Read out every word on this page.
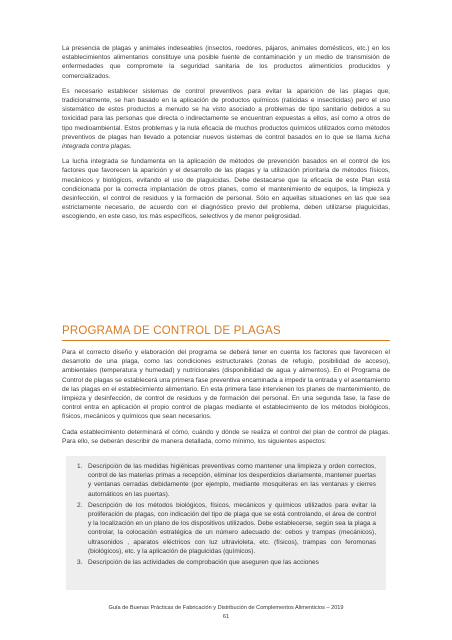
La presencia de plagas y animales indeseables (insectos, roedores, pájaros, animales domésticos, etc.) en los establecimientos alimentarios constituye una posible fuente de contaminación y un medio de transmisión de enfermedades que compromete la seguridad sanitaria de los productos alimenticios producidos y comercializados.

Es necesario establecer sistemas de control preventivos para evitar la aparición de las plagas que, tradicionalmente, se han basado en la aplicación de productos químicos (raticidas e insecticidas) pero el uso sistemático de estos productos a menudo se ha visto asociado a problemas de tipo sanitario debidos a su toxicidad para las personas que directa o indirectamente se encuentran expuestas a ellos, así como a otros de tipo medioambiental. Estos problemas y la nula eficacia de muchos productos químicos utilizados como métodos preventivos de plagas han llevado a potenciar nuevos sistemas de control basados en lo que se llama lucha integrada contra plagas.

La lucha integrada se fundamenta en la aplicación de métodos de prevención basados en el control de los factores que favorecen la aparición y el desarrollo de las plagas y la utilización prioritaria de métodos físicos, mecánicos y biológicos, evitando el uso de plaguicidas. Debe destacarse que la eficacia de este Plan está condicionada por la correcta implantación de otros planes, como el mantenimiento de equipos, la limpieza y desinfección, el control de residuos y la formación de personal. Sólo en aquellas situaciones en las que sea estrictamente necesario, de acuerdo con el diagnóstico previo del problema, deben utilizarse plaguicidas, escogiendo, en este caso, los más específicos, selectivos y de menor peligrosidad.

PROGRAMA DE CONTROL DE PLAGAS

Para el correcto diseño y elaboración del programa se deberá tener en cuenta los factores que favorecen el desarrollo de una plaga, como las condiciones estructurales (zonas de refugio, posibilidad de acceso), ambientales (temperatura y humedad) y nutricionales (disponibilidad de agua y alimentos). En el Programa de Control de plagas se establecerá una primera fase preventiva encaminada a impedir la entrada y el asentamiento de las plagas en el establecimiento alimentario. En esta primera fase intervienen los planes de mantenimiento, de limpieza y desinfección, de control de residuos y de formación del personal. En una segunda fase, la fase de control entra en aplicación el propio control de plagas mediante el establecimiento de los métodos biológicos, físicos, mecánicos y químicos que sean necesarios.

Cada establecimiento determinará el cómo, cuándo y dónde se realiza el control del plan de control de plagas. Para ello, se deberán describir de manera detallada, como mínimo, los siguientes aspectos:

1. Descripción de las medidas higiénicas preventivas como mantener una limpieza y orden correctos, control de las materias primas a recepción, eliminar los desperdicios diariamente, mantener puertas y ventanas cerradas debidamente (por ejemplo, mediante mosquiteras en las ventanas y cierres automáticos en las puertas).
2. Descripción de los métodos biológicos, físicos, mecánicos y químicos utilizados para evitar la proliferación de plagas, con indicación del tipo de plaga que se está controlando, el área de control y la localización en un plano de los dispositivos utilizados. Debe establecerse, según sea la plaga a controlar, la colocación estratégica de un número adecuado de: cebos y trampas (mecánicos), ultrasonidos , aparatos eléctricos con luz ultravioleta, etc. (físicos), trampas con feromonas (biológicos), etc. y la aplicación de plaguicidas (químicos).
3. Descripción de las actividades de comprobación que aseguren que las acciones
Guía de Buenas Prácticas de Fabricación y Distribución de Complementos Alimenticios – 2019
61
